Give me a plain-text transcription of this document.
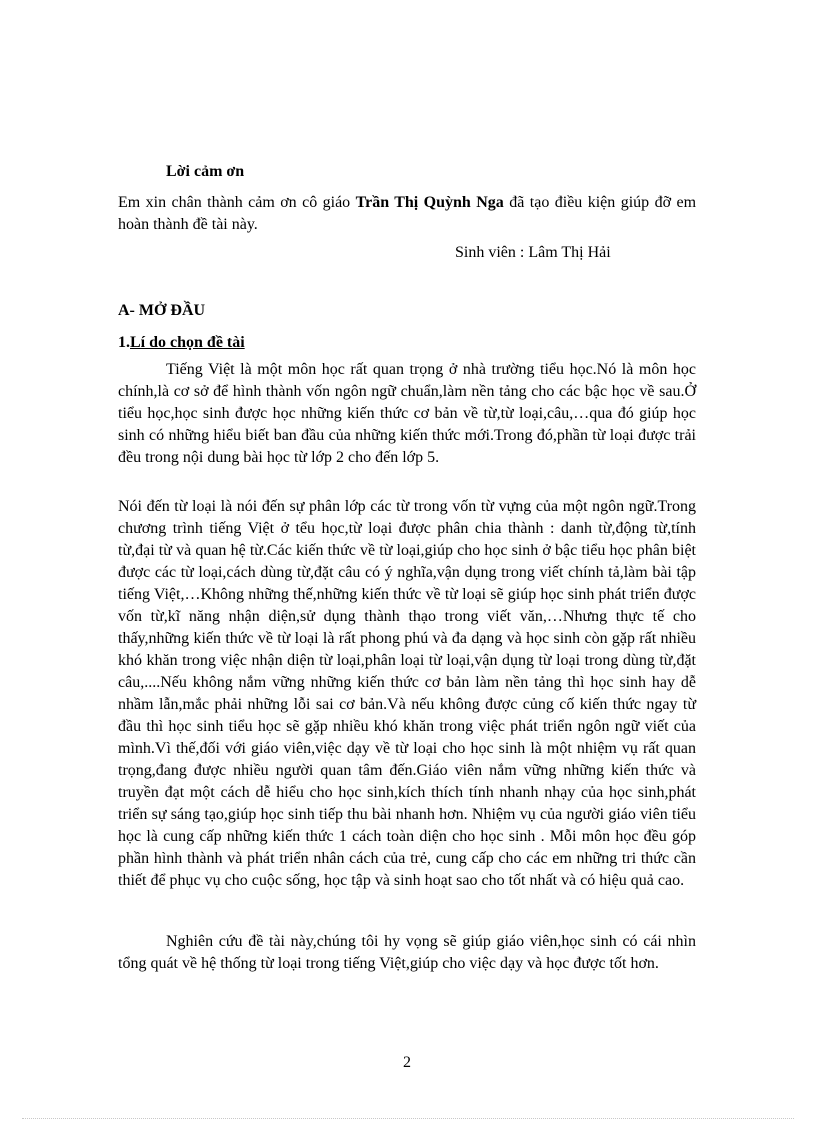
Lời cảm ơn

Em xin chân thành cảm ơn cô giáo Trần Thị Quỳnh Nga đã tạo điều kiện giúp đỡ em hoàn thành đề tài này.

Sinh viên : Lâm Thị Hải
A- MỞ ĐẦU
1.Lí do chọn đề tài

Tiếng Việt là một môn học rất quan trọng ở nhà trường tiểu học.Nó là môn học chính,là cơ sở để hình thành vốn ngôn ngữ chuẩn,làm nền tảng cho các bậc học về sau.Ở tiểu học,học sinh được học những kiến thức cơ bản về từ,từ loại,câu,…qua đó giúp học sinh có những hiểu biết ban đầu của những kiến thức mới.Trong đó,phần từ loại được trải đều trong nội dung bài học từ lớp 2 cho đến lớp 5.

Nói đến từ loại là nói đến sự phân lớp các từ trong vốn từ vựng của một ngôn ngữ.Trong chương trình tiếng Việt ở tểu học,từ loại được phân chia thành : danh từ,động từ,tính từ,đại từ và quan hệ từ.Các kiến thức về từ loại,giúp cho học sinh ở bậc tiểu học phân biệt được các từ loại,cách dùng từ,đặt câu có ý nghĩa,vận dụng trong viết chính tả,làm bài tập tiếng Việt,…Không những thế,những kiến thức về từ loại sẽ giúp học sinh phát triển được vốn từ,kĩ năng nhận diện,sử dụng thành thạo trong viết văn,…Nhưng thực tế cho thấy,những kiến thức về từ loại là rất phong phú và đa dạng và học sinh còn gặp rất nhiều khó khăn trong việc nhận diện từ loại,phân loại từ loại,vận dụng từ loại trong dùng từ,đặt câu,....Nếu không nắm vững những kiến thức cơ bản làm nền tảng thì học sinh hay dễ nhầm lẫn,mắc phải những lỗi sai cơ bản.Và nếu không được củng cố kiến thức ngay từ đầu thì học sinh tiểu học sẽ gặp nhiều khó khăn trong việc phát triển ngôn ngữ viết của mình.Vì thế,đối với giáo viên,việc dạy về từ loại cho học sinh là một nhiệm vụ rất quan trọng,đang được nhiều người quan tâm đến.Giáo viên nắm vững những kiến thức và truyền đạt một cách dễ hiểu cho học sinh,kích thích tính nhanh nhạy của học sinh,phát triển sự sáng tạo,giúp học sinh tiếp thu bài nhanh hơn. Nhiệm vụ của người giáo viên tiểu học là cung cấp những kiến thức 1 cách toàn diện cho học sinh . Mỗi môn học đều góp phần hình thành và phát triển nhân cách của trẻ, cung cấp cho các em những tri thức cần thiết để phục vụ cho cuộc sống, học tập và sinh hoạt sao cho tốt nhất và có hiệu quả cao.

Nghiên cứu đề tài này,chúng tôi hy vọng sẽ giúp giáo viên,học sinh có cái nhìn tổng quát về hệ thống từ loại trong tiếng Việt,giúp cho việc dạy và học được tốt hơn.

2
